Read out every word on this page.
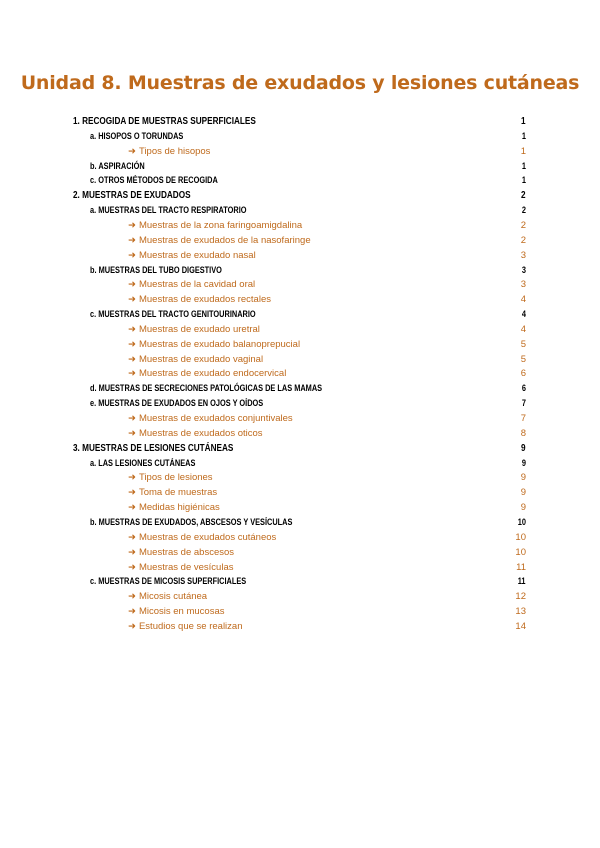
Unidad 8. Muestras de exudados y lesiones cutáneas
1. RECOGIDA DE MUESTRAS SUPERFICIALES	1
a. HISOPOS O TORUNDAS	1
➜ Tipos de hisopos	1
b. ASPIRACIÓN	1
c. OTROS MÉTODOS DE RECOGIDA	1
2. MUESTRAS DE EXUDADOS	2
a. MUESTRAS DEL TRACTO RESPIRATORIO	2
➜ Muestras de la zona faringoamigdalina	2
➜ Muestras de exudados de la nasofaringe	2
➜ Muestras de exudado nasal	3
b. MUESTRAS DEL TUBO DIGESTIVO	3
➜ Muestras de la cavidad oral	3
➜ Muestras de exudados rectales	4
c. MUESTRAS DEL TRACTO GENITOURINARIO	4
➜ Muestras de exudado uretral	4
➜ Muestras de exudado balanoprepucial	5
➜ Muestras de exudado vaginal	5
➜ Muestras de exudado endocervical	6
d. MUESTRAS DE SECRECIONES PATOLÓGICAS DE LAS MAMAS	6
e. MUESTRAS DE EXUDADOS EN OJOS Y OÍDOS	7
➜ Muestras de exudados conjuntivales	7
➜ Muestras de exudados oticos	8
3. MUESTRAS DE LESIONES CUTÁNEAS	9
a. LAS LESIONES CUTÁNEAS	9
➜ Tipos de lesiones	9
➜ Toma de muestras	9
➜ Medidas higiénicas	9
b. MUESTRAS DE EXUDADOS, ABSCESOS Y VESÍCULAS	10
➜ Muestras de exudados cutáneos	10
➜ Muestras de abscesos	10
➜ Muestras de vesículas	11
c. MUESTRAS DE MICOSIS SUPERFICIALES	11
➜ Micosis cutánea	12
➜ Micosis en mucosas	13
➜ Estudios que se realizan	14
